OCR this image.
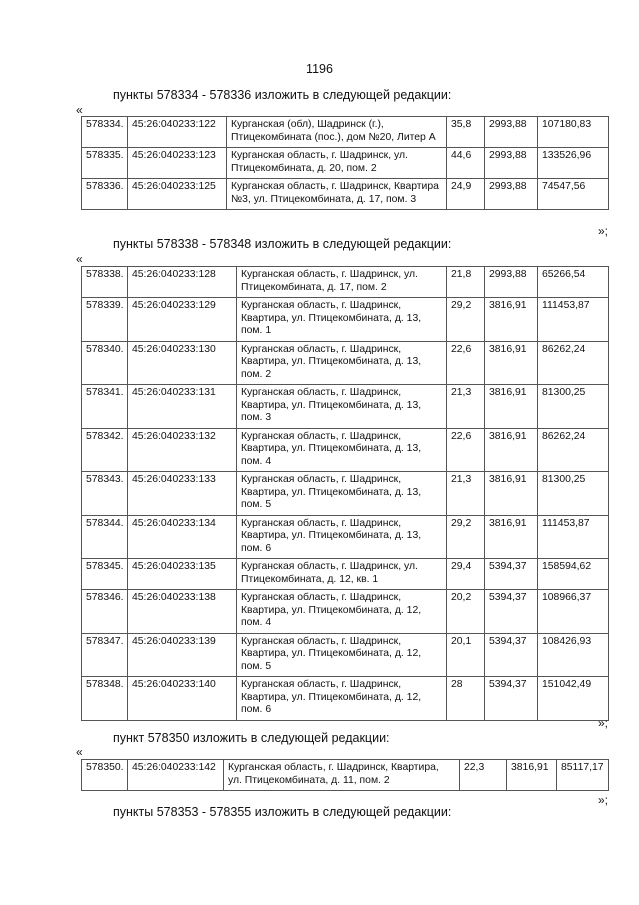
1196
пункты 578334 - 578336 изложить в следующей редакции:
«
578334.	45:26:040233:122	Курганская (обл), Шадринск (г.), Птицекомбината (пос.), дом №20, Литер А	35,8	2993,88	107180,83
578335.	45:26:040233:123	Курганская область, г. Шадринск, ул. Птицекомбината, д. 20, пом. 2	44,6	2993,88	133526,96
578336.	45:26:040233:125	Курганская область, г. Шадринск, Квартира №3, ул. Птицекомбината, д. 17, пом. 3	24,9	2993,88	74547,56
»;
пункты 578338 - 578348 изложить в следующей редакции:
«
578338.	45:26:040233:128	Курганская область, г. Шадринск, ул. Птицекомбината, д. 17, пом. 2	21,8	2993,88	65266,54
578339.	45:26:040233:129	Курганская область, г. Шадринск, Квартира, ул. Птицекомбината, д. 13, пом. 1	29,2	3816,91	111453,87
578340.	45:26:040233:130	Курганская область, г. Шадринск, Квартира, ул. Птицекомбината, д. 13, пом. 2	22,6	3816,91	86262,24
578341.	45:26:040233:131	Курганская область, г. Шадринск, Квартира, ул. Птицекомбината, д. 13, пом. 3	21,3	3816,91	81300,25
578342.	45:26:040233:132	Курганская область, г. Шадринск, Квартира, ул. Птицекомбината, д. 13, пом. 4	22,6	3816,91	86262,24
578343.	45:26:040233:133	Курганская область, г. Шадринск, Квартира, ул. Птицекомбината, д. 13, пом. 5	21,3	3816,91	81300,25
578344.	45:26:040233:134	Курганская область, г. Шадринск, Квартира, ул. Птицекомбината, д. 13, пом. 6	29,2	3816,91	111453,87
578345.	45:26:040233:135	Курганская область, г. Шадринск, ул. Птицекомбината, д. 12, кв. 1	29,4	5394,37	158594,62
578346.	45:26:040233:138	Курганская область, г. Шадринск, Квартира, ул. Птицекомбината, д. 12, пом. 4	20,2	5394,37	108966,37
578347.	45:26:040233:139	Курганская область, г. Шадринск, Квартира, ул. Птицекомбината, д. 12, пом. 5	20,1	5394,37	108426,93
578348.	45:26:040233:140	Курганская область, г. Шадринск, Квартира, ул. Птицекомбината, д. 12, пом. 6	28	5394,37	151042,49
»;
пункт 578350 изложить в следующей редакции:
«
578350.	45:26:040233:142	Курганская область, г. Шадринск, Квартира, ул. Птицекомбината, д. 11, пом. 2	22,3	3816,91	85117,17
»;
пункты 578353 - 578355 изложить в следующей редакции:
